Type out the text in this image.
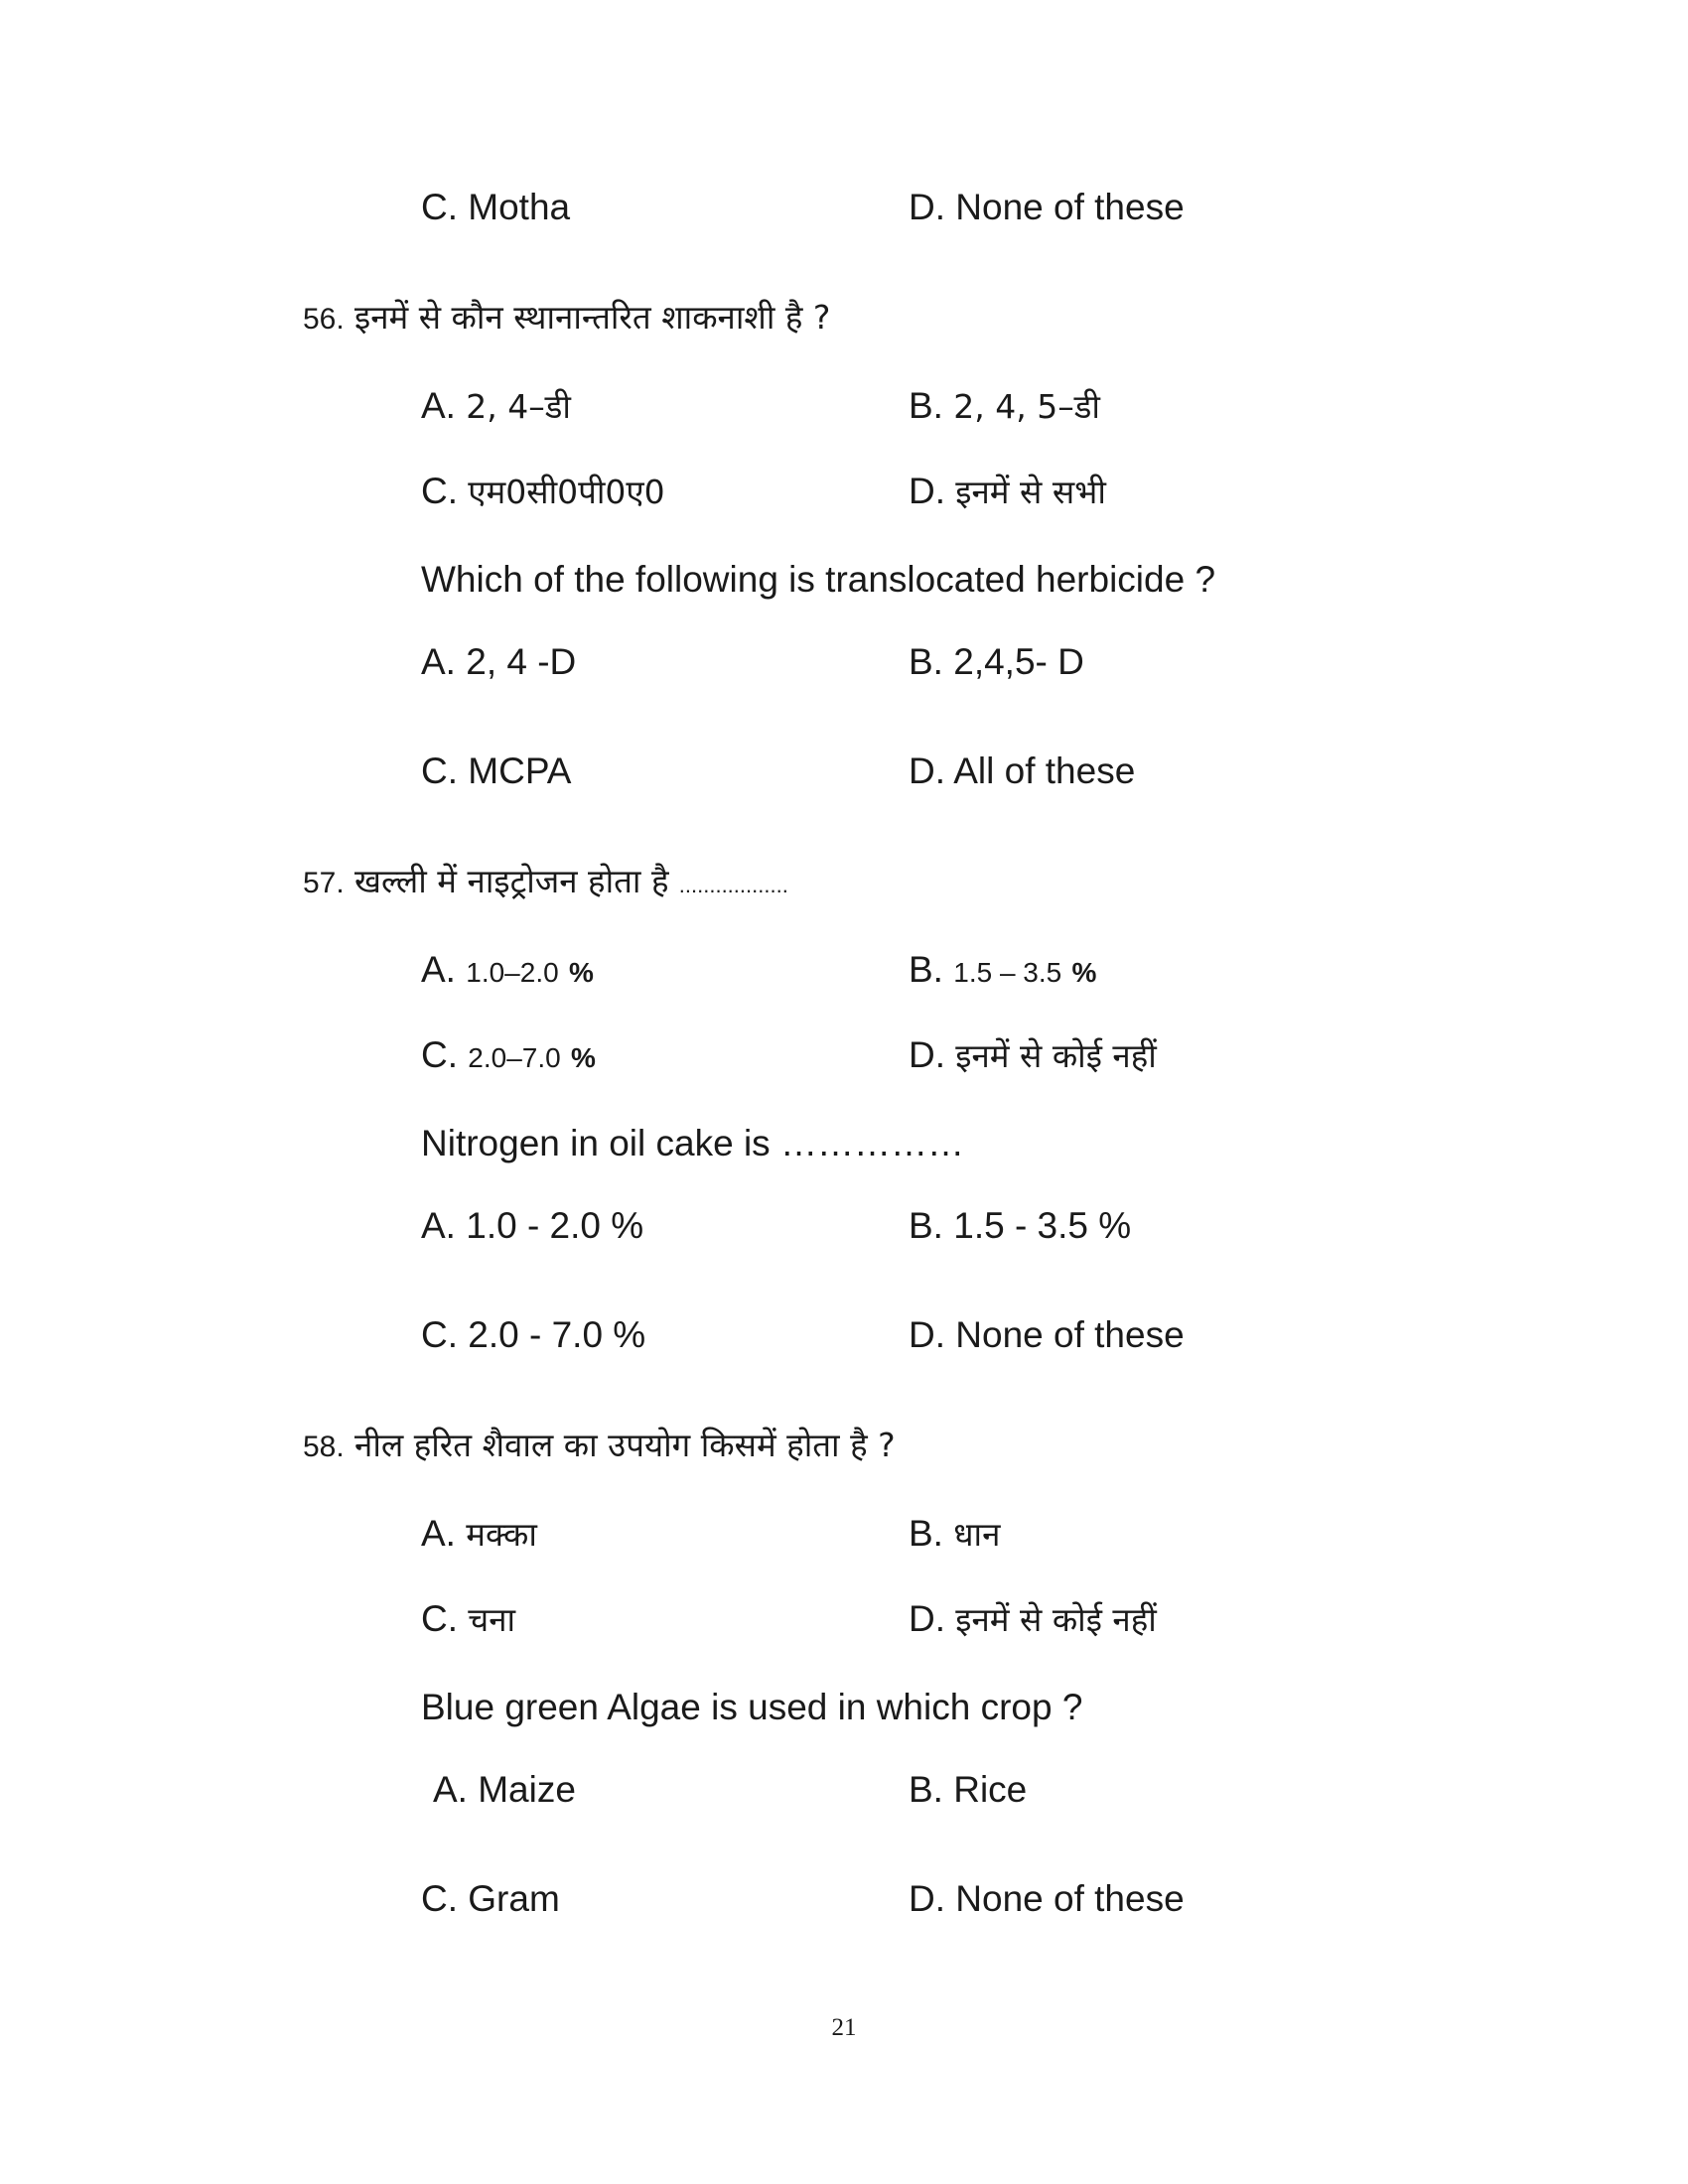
C. Motha	D. None of these
56. इनमें से कौन स्थानान्तरित शाकनाशी है ?
A. 2, 4–डी	B. 2, 4, 5–डी
C. एम0सी0पी0ए0	D. इनमें से सभी
Which of the following is translocated herbicide ?
A. 2, 4 -D	B. 2,4,5- D
C. MCPA	D. All of these
57. खल्ली में नाइट्रोजन होता है ..................
A. 1.0–2.0 %	B. 1.5 – 3.5 %
C. 2.0–7.0 %	D. इनमें से कोई नहीं
Nitrogen in oil cake is ……………
A. 1.0 - 2.0 %	B. 1.5 - 3.5 %
C. 2.0 - 7.0 %	D. None of these
58. नील हरित शैवाल का उपयोग किसमें होता है ?
A. मक्का	B. धान
C. चना	D. इनमें से कोई नहीं
Blue green Algae is used in which crop ?
A. Maize	B. Rice
C. Gram	D. None of these
21
